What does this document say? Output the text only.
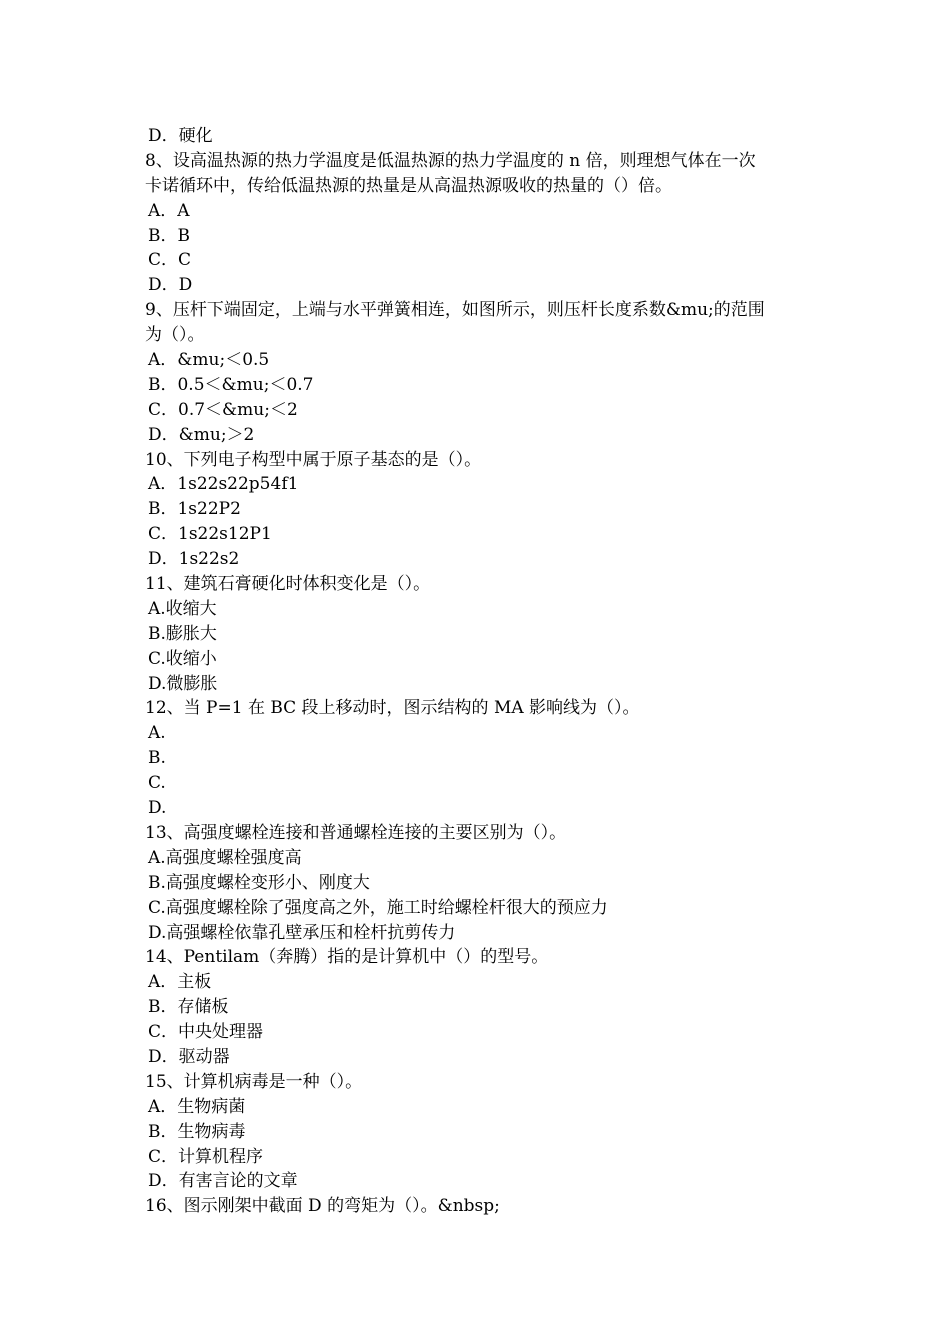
D．硬化
8、设高温热源的热力学温度是低温热源的热力学温度的 n 倍，则理想气体在一次
卡诺循环中，传给低温热源的热量是从高温热源吸收的热量的（）倍。
A．A
B．B
C．C
D．D
9、压杆下端固定，上端与水平弹簧相连，如图所示，则压杆长度系数&mu;的范围
为（）。
A．&mu;＜0.5
B．0.5＜&mu;＜0.7
C．0.7＜&mu;＜2
D．&mu;＞2
10、下列电子构型中属于原子基态的是（）。
A．1s22s22p54f1
B．1s22P2
C．1s22s12P1
D．1s22s2
11、建筑石膏硬化时体积变化是（）。
A.收缩大
B.膨胀大
C.收缩小
D.微膨胀
12、当 P=1 在 BC 段上移动时，图示结构的 MA 影响线为（）。
A.
B.
C.
D.
13、高强度螺栓连接和普通螺栓连接的主要区别为（）。
A.高强度螺栓强度高
B.高强度螺栓变形小、刚度大
C.高强度螺栓除了强度高之外，施工时给螺栓杆很大的预应力
D.高强螺栓依靠孔壁承压和栓杆抗剪传力
14、Pentilam（奔腾）指的是计算机中（）的型号。
A．主板
B．存储板
C．中央处理器
D．驱动器
15、计算机病毒是一种（）。
A．生物病菌
B．生物病毒
C．计算机程序
D．有害言论的文章
16、图示刚架中截面 D 的弯矩为（）。&nbsp;
